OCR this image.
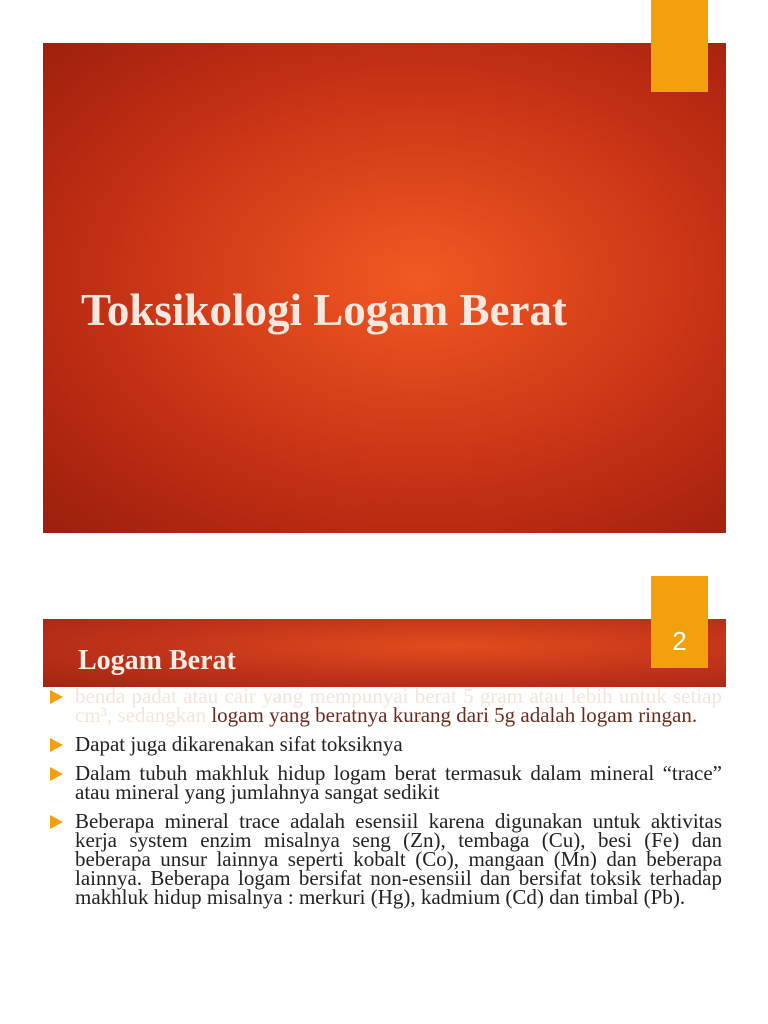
Toksikologi Logam Berat
2
Logam Berat
benda padat atau cair yang mempunyai berat 5 gram atau lebih untuk setiap cm³, sedangkan logam yang beratnya kurang dari 5g adalah logam ringan.
Dapat juga dikarenakan sifat toksiknya
Dalam tubuh makhluk hidup logam berat termasuk dalam mineral “trace” atau mineral yang jumlahnya sangat sedikit
Beberapa mineral trace adalah esensiil karena digunakan untuk aktivitas kerja system enzim misalnya seng (Zn), tembaga (Cu), besi (Fe) dan beberapa unsur lainnya seperti kobalt (Co), mangaan (Mn) dan beberapa lainnya. Beberapa logam bersifat non-esensiil dan bersifat toksik terhadap makhluk hidup misalnya : merkuri (Hg), kadmium (Cd) dan timbal (Pb).
